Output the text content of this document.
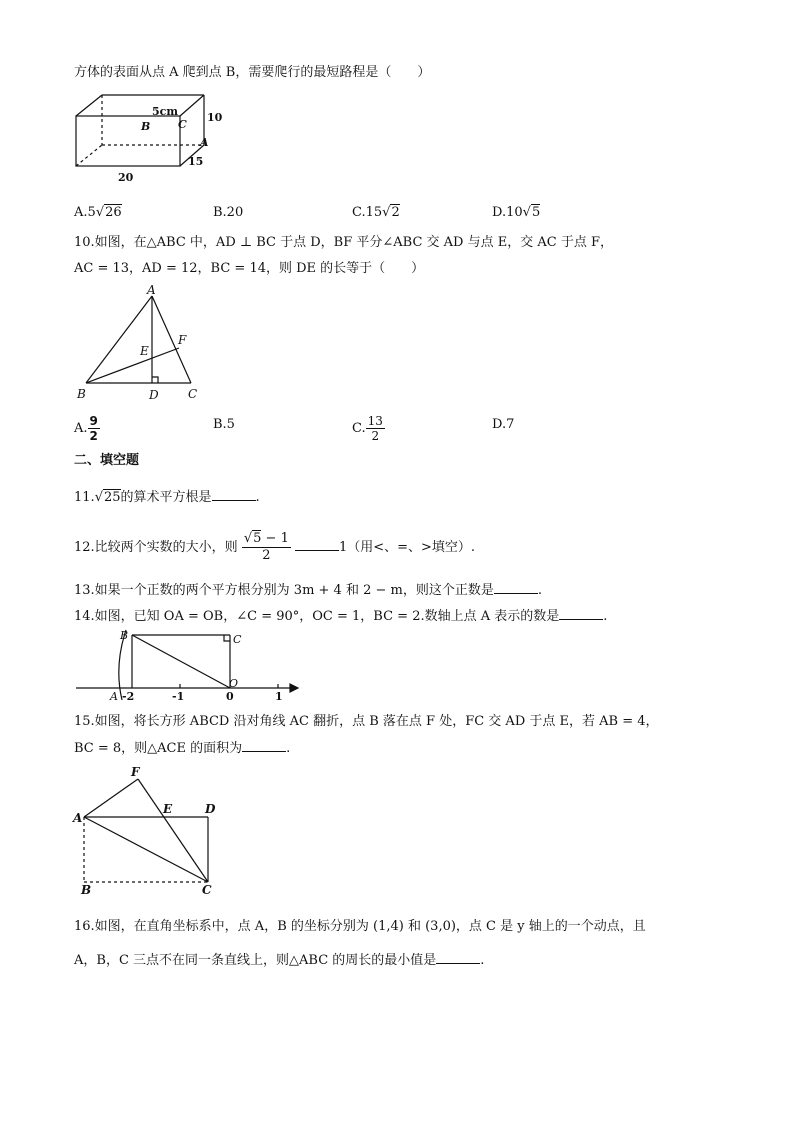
方体的表面从点 A 爬到点 B，需要爬行的最短路程是（　　）
5cm	10
15
20
B	C
A
A.5√26	B.20	C.15√2	D.10√5
10.如图，在△ABC 中，AD ⊥ BC 于点 D，BF 平分∠ABC 交 AD 与点 E，交 AC 于点 F，
AC = 13，AD = 12，BC = 14，则 DE 的长等于（　　）
A
B	C
D
E
F
A. $\frac{9}{2}$	B.5	C. $\frac{13}{2}$	D.7
二、填空题
11.√25的算术平方根是	.
12.比较两个实数的大小，则 $\frac{√5 - 1}{2}$	1（用<、=、>填空）.
13.如果一个正数的两个平方根分别为 3m + 4 和 2 − m，则这个正数是	.
14.如图，已知 OA = OB，∠C = 90°，OC = 1，BC = 2.数轴上点 A 表示的数是	.
B	C
A
O
-2	-1	0	1
15.如图，将长方形 ABCD 沿对角线 AC 翻折，点 B 落在点 F 处，FC 交 AD 于点 E，若 AB = 4，
BC = 8，则△ACE 的面积为	.
F
A
E	D
B	C
16.如图，在直角坐标系中，点 A，B 的坐标分别为 (1,4) 和 (3,0)，点 C 是 y 轴上的一个动点，且
A，B，C 三点不在同一条直线上，则△ABC 的周长的最小值是	.
